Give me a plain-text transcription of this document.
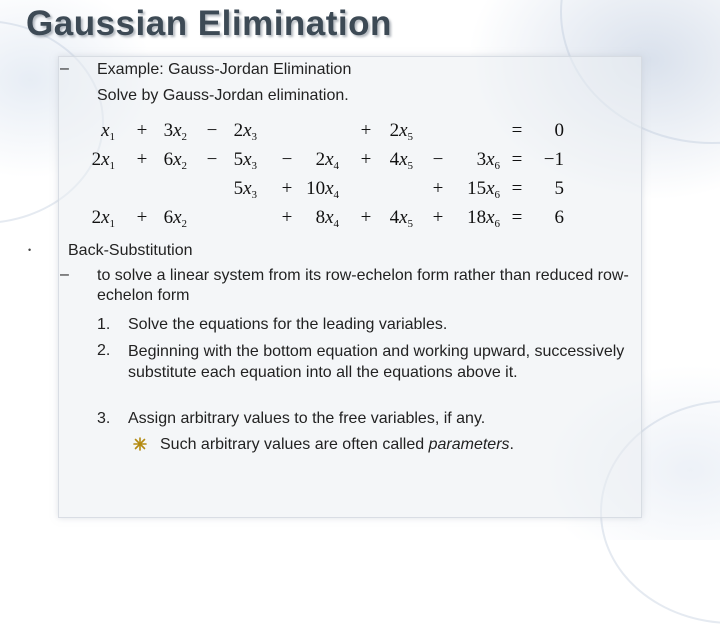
Gaussian Elimination
– Example: Gauss-Jordan Elimination
Solve by Gauss-Jordan elimination.
$x_1 + 3x_2 - 2x_3$	+ $2x_5$	=	0
$2x_1 + 6x_2 - 5x_3$ −	$2x_4 + 4x_5$ −	$3x_6$ =	−1
$5x_3 + 10x_4$	+	$15x_6$ =	5
$2x_1 + 6x_2$	+	$8x_4 + 4x_5$ +	$18x_6$ =	6
• Back-Substitution
– to solve a linear system from its row-echelon form rather than reduced row-echelon form
1. Solve the equations for the leading variables.
2. Beginning with the bottom equation and working upward, successively substitute each equation into all the equations above it.
3. Assign arbitrary values to the free variables, if any.
Such arbitrary values are often called parameters.
